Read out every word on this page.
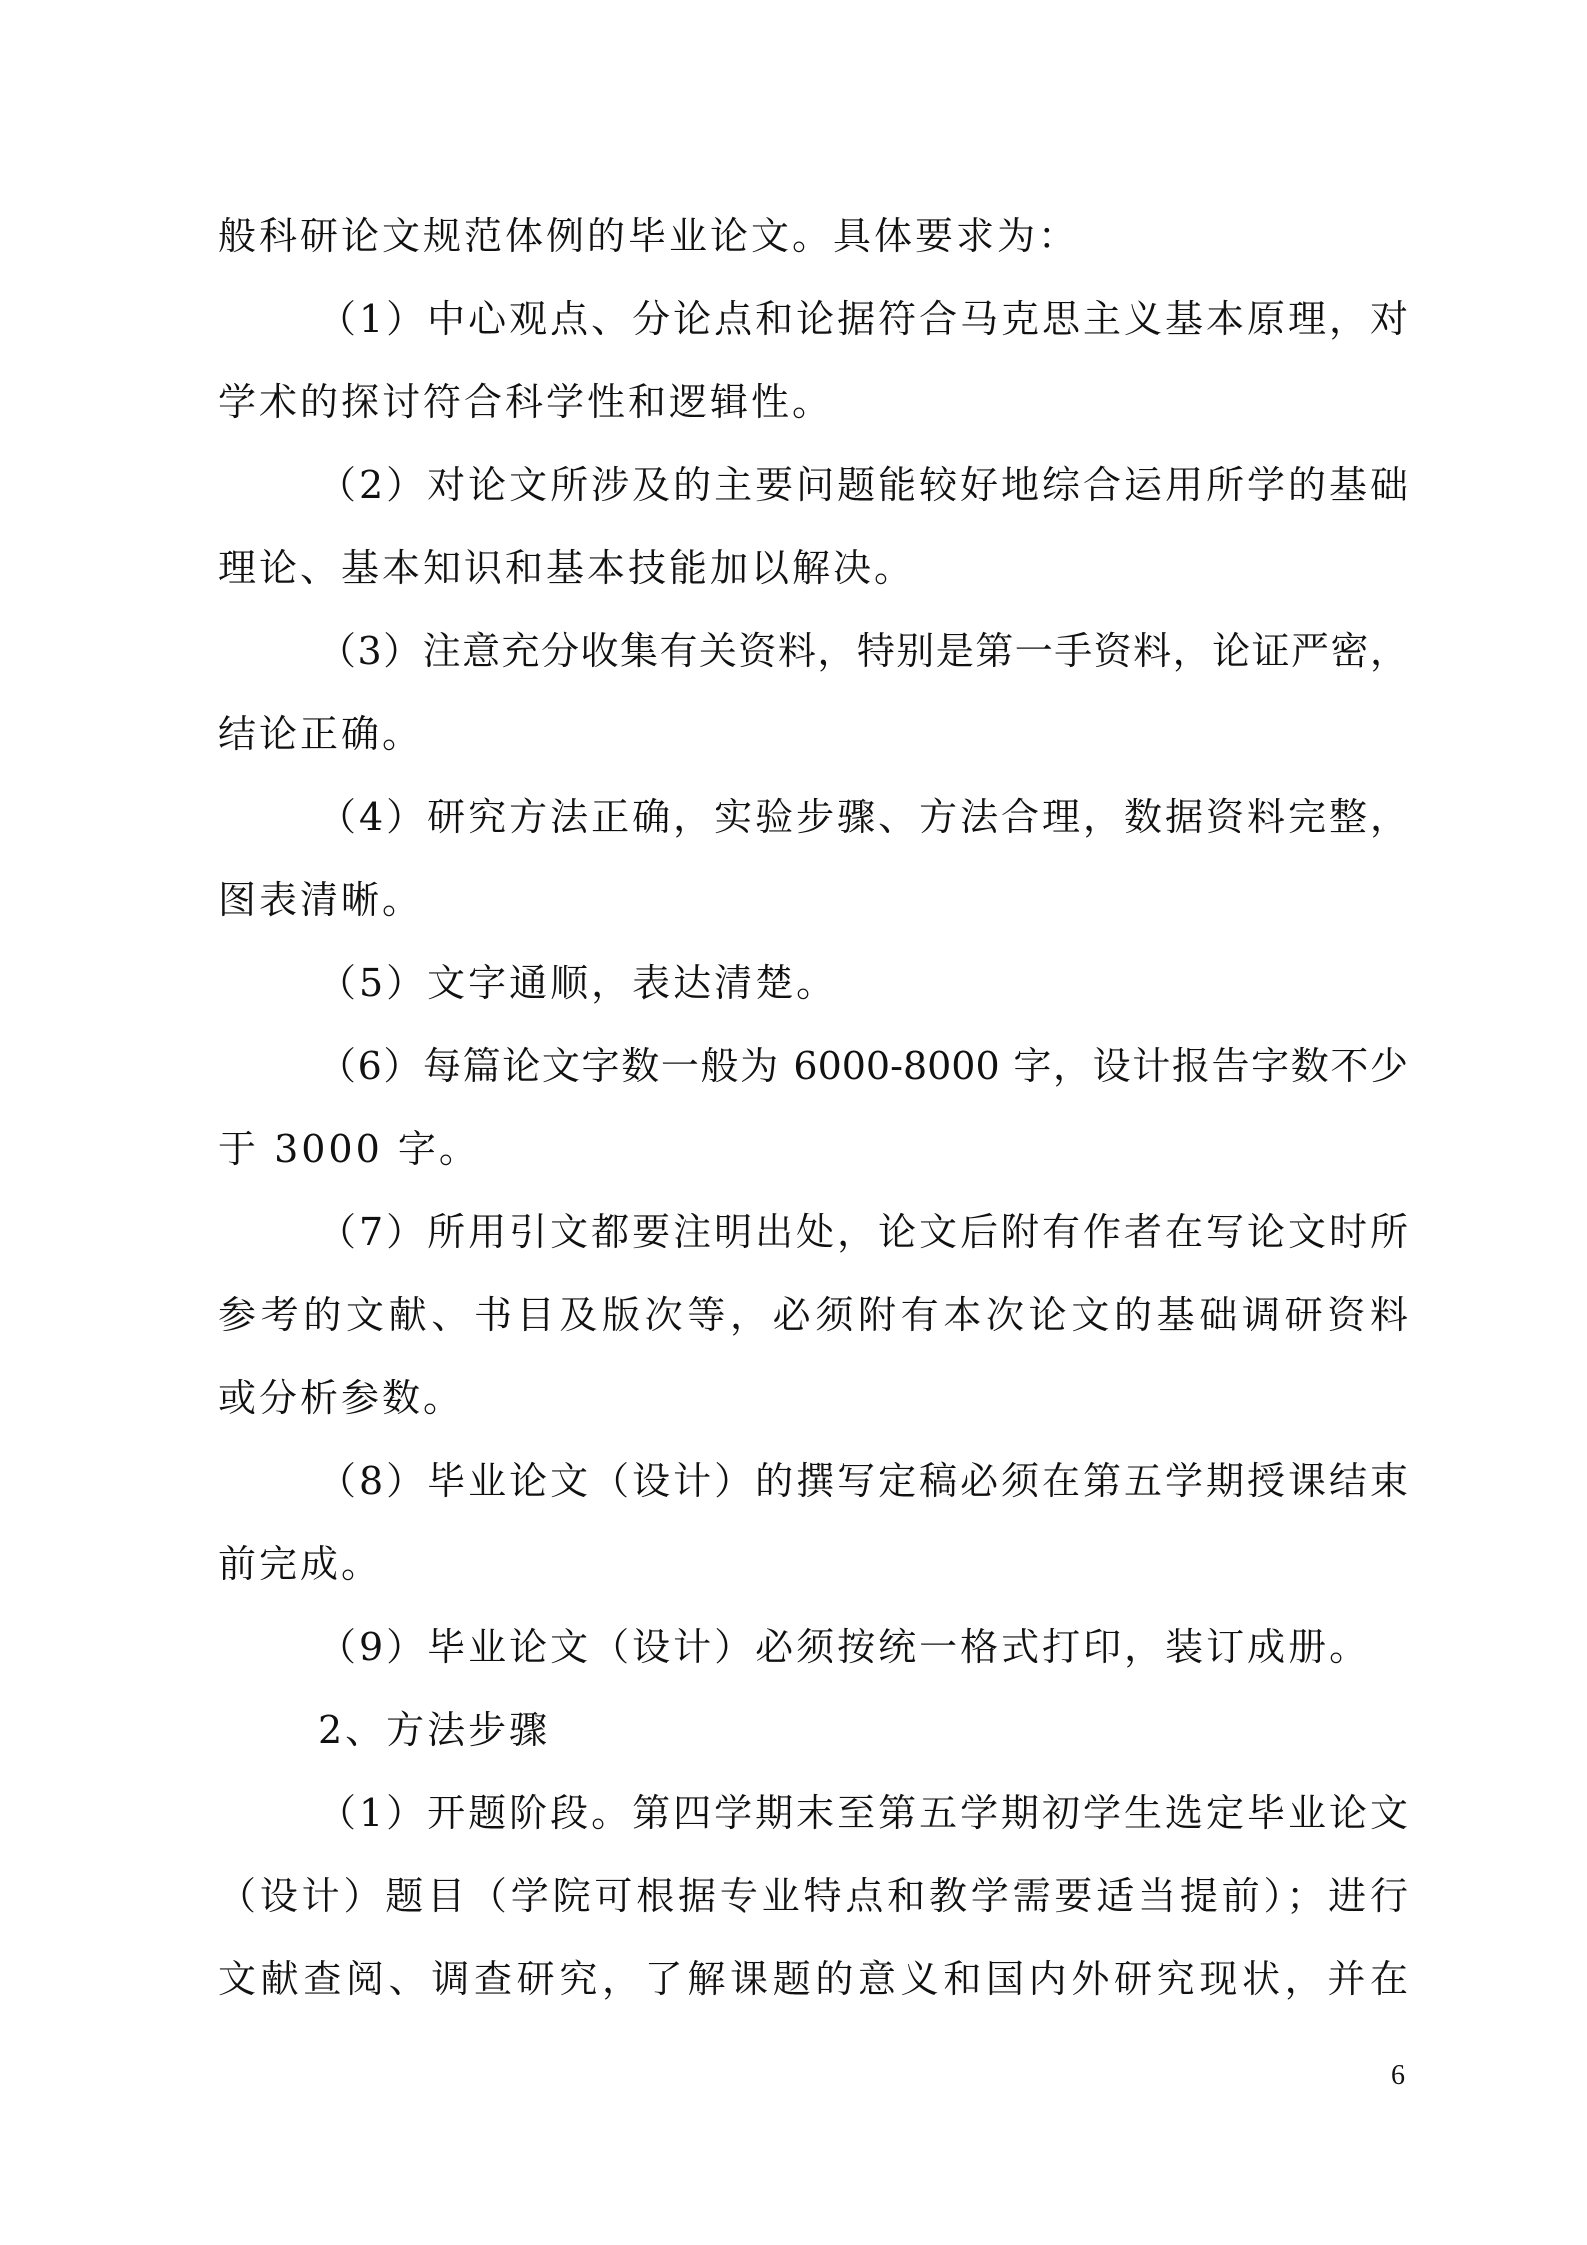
般科研论文规范体例的毕业论文。具体要求为：
（1）中心观点、分论点和论据符合马克思主义基本原理，对
学术的探讨符合科学性和逻辑性。
（2）对论文所涉及的主要问题能较好地综合运用所学的基础
理论、基本知识和基本技能加以解决。
（3）注意充分收集有关资料，特别是第一手资料，论证严密，
结论正确。
（4）研究方法正确，实验步骤、方法合理，数据资料完整，
图表清晰。
（5）文字通顺，表达清楚。
（6）每篇论文字数一般为 6000-8000 字，设计报告字数不少
于 3000 字。
（7）所用引文都要注明出处，论文后附有作者在写论文时所
参考的文献、书目及版次等，必须附有本次论文的基础调研资料
或分析参数。
（8）毕业论文（设计）的撰写定稿必须在第五学期授课结束
前完成。
（9）毕业论文（设计）必须按统一格式打印，装订成册。
2、方法步骤
（1）开题阶段。第四学期末至第五学期初学生选定毕业论文
（设计）题目（学院可根据专业特点和教学需要适当提前）；进行
文献查阅、调查研究，了解课题的意义和国内外研究现状，并在
6
